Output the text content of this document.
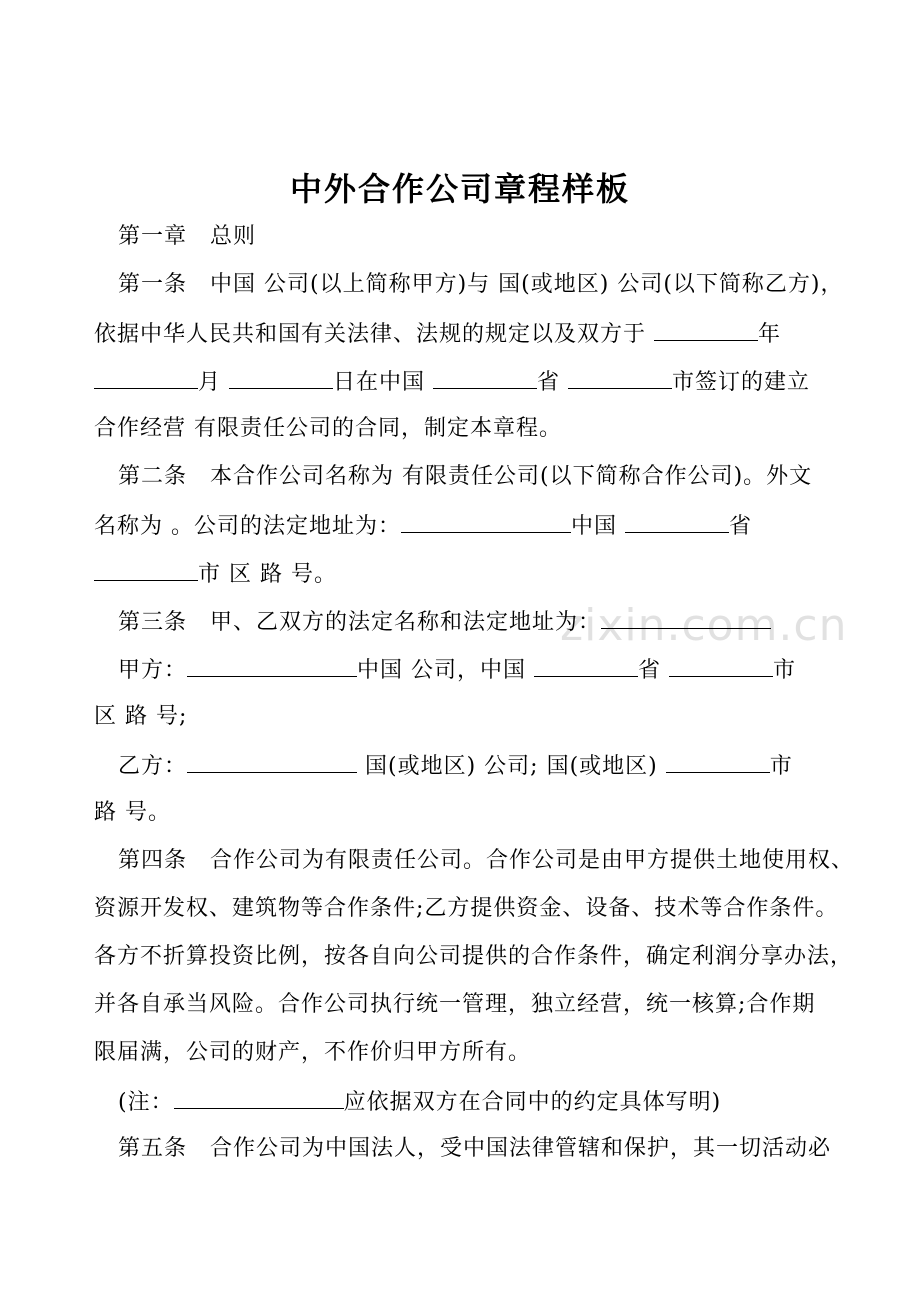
zixin.com.cn
中外合作公司章程样板
第一章　总则
第一条　中国 公司(以上简称甲方)与 国(或地区) 公司(以下简称乙方)，
依据中华人民共和国有关法律、法规的规定以及双方于	年
月	日在中国	省	市签订的建立
合作经营 有限责任公司的合同，制定本章程。
第二条　本合作公司名称为 有限责任公司(以下简称合作公司)。外文
名称为 。公司的法定地址为：	中国	省
市 区 路 号。
第三条　甲、乙双方的法定名称和法定地址为：
甲方：	中国 公司，中国	省	市
区 路 号;
乙方：	国(或地区) 公司; 国(或地区)	市
路 号。
第四条　合作公司为有限责任公司。合作公司是由甲方提供土地使用权、
资源开发权、建筑物等合作条件;乙方提供资金、设备、技术等合作条件。
各方不折算投资比例，按各自向公司提供的合作条件，确定利润分享办法，
并各自承当风险。合作公司执行统一管理，独立经营，统一核算;合作期
限届满，公司的财产，不作价归甲方所有。
(注：	应依据双方在合同中的约定具体写明)
第五条　合作公司为中国法人，受中国法律管辖和保护，其一切活动必
